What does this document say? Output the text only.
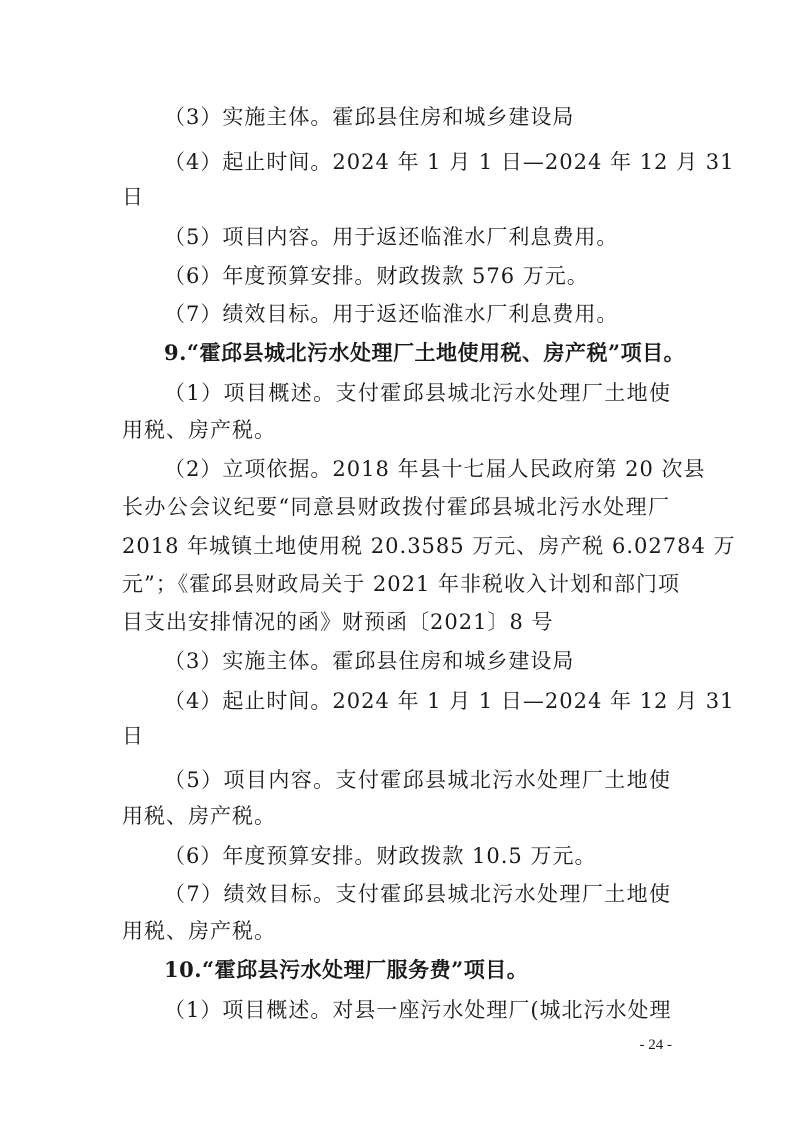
（3）实施主体。霍邱县住房和城乡建设局
（4）起止时间。2024 年 1 月 1 日—2024 年 12 月 31
日
（5）项目内容。用于返还临淮水厂利息费用。
（6）年度预算安排。财政拨款 576 万元。
（7）绩效目标。用于返还临淮水厂利息费用。
9.“霍邱县城北污水处理厂土地使用税、房产税”项目。
（1）项目概述。支付霍邱县城北污水处理厂土地使
用税、房产税。
（2）立项依据。2018 年县十七届人民政府第 20 次县
长办公会议纪要“同意县财政拨付霍邱县城北污水处理厂
2018 年城镇土地使用税 20.3585 万元、房产税 6.02784 万
元”；《霍邱县财政局关于 2021 年非税收入计划和部门项
目支出安排情况的函》财预函〔2021〕8 号
（3）实施主体。霍邱县住房和城乡建设局
（4）起止时间。2024 年 1 月 1 日—2024 年 12 月 31
日
（5）项目内容。支付霍邱县城北污水处理厂土地使
用税、房产税。
（6）年度预算安排。财政拨款 10.5 万元。
（7）绩效目标。支付霍邱县城北污水处理厂土地使
用税、房产税。
10.“霍邱县污水处理厂服务费”项目。
（1）项目概述。对县一座污水处理厂(城北污水处理
- 24 -
